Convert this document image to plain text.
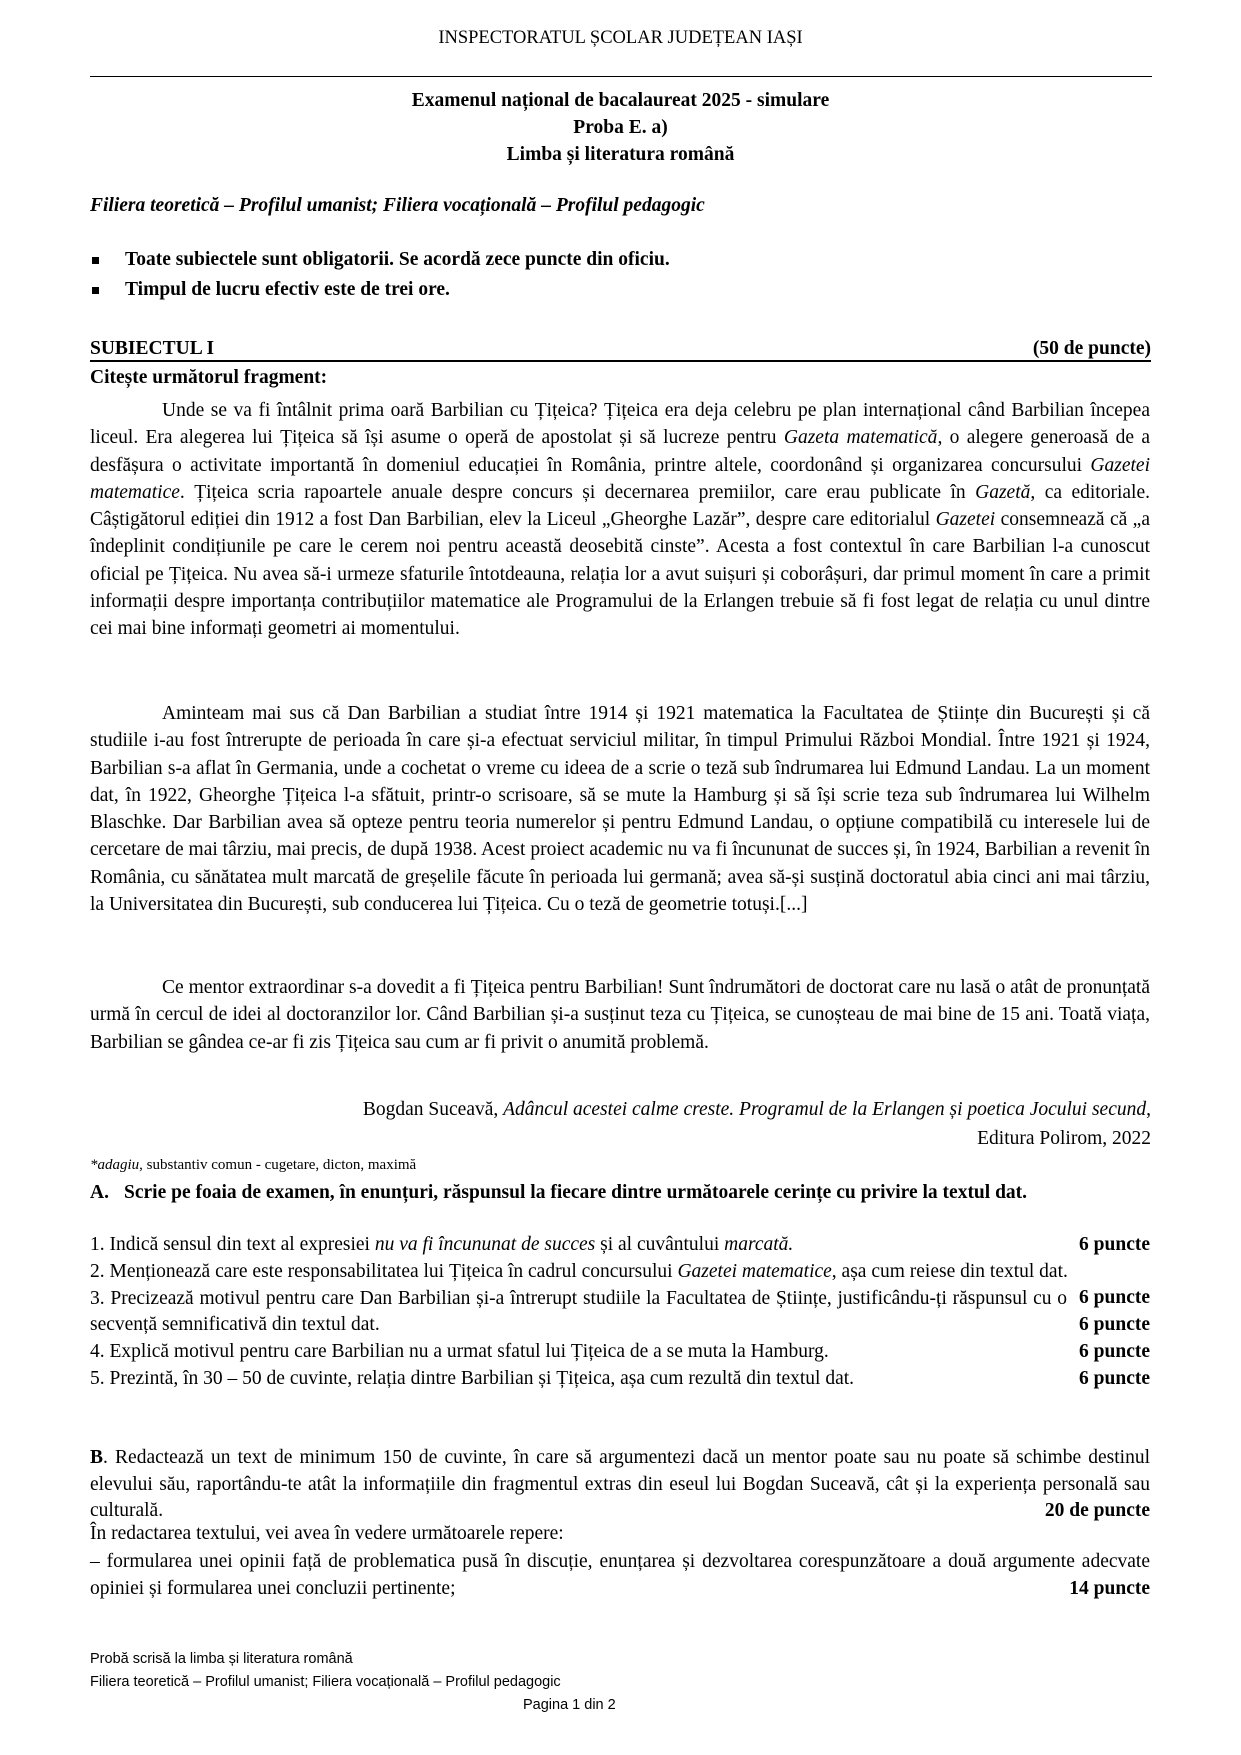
INSPECTORATUL ȘCOLAR JUDEȚEAN IAȘI
Examenul național de bacalaureat 2025 - simulare
Proba E. a)
Limba și literatura română
Filiera teoretică – Profilul umanist; Filiera vocațională – Profilul pedagogic
Toate subiectele sunt obligatorii. Se acordă zece puncte din oficiu.
Timpul de lucru efectiv este de trei ore.
SUBIECTUL I	(50 de puncte)
Citește următorul fragment:
Unde se va fi întâlnit prima oară Barbilian cu Țițeica? Țițeica era deja celebru pe plan internațional când Barbilian începea liceul. Era alegerea lui Țițeica să își asume o operă de apostolat și să lucreze pentru Gazeta matematică, o alegere generoasă de a desfășura o activitate importantă în domeniul educației în România, printre altele, coordonând și organizarea concursului Gazetei matematice. Țițeica scria rapoartele anuale despre concurs și decernarea premiilor, care erau publicate în Gazetă, ca editoriale. Câștigătorul ediției din 1912 a fost Dan Barbilian, elev la Liceul „Gheorghe Lazăr”, despre care editorialul Gazetei consemnează că „a îndeplinit condițiunile pe care le cerem noi pentru această deosebită cinste”. Acesta a fost contextul în care Barbilian l-a cunoscut oficial pe Țițeica. Nu avea să-i urmeze sfaturile întotdeauna, relația lor a avut suișuri și coborâșuri, dar primul moment în care a primit informații despre importanța contribuțiilor matematice ale Programului de la Erlangen trebuie să fi fost legat de relația cu unul dintre cei mai bine informați geometri ai momentului.
Aminteam mai sus că Dan Barbilian a studiat între 1914 și 1921 matematica la Facultatea de Științe din București și că studiile i-au fost întrerupte de perioada în care și-a efectuat serviciul militar, în timpul Primului Război Mondial. Între 1921 și 1924, Barbilian s-a aflat în Germania, unde a cochetat o vreme cu ideea de a scrie o teză sub îndrumarea lui Edmund Landau. La un moment dat, în 1922, Gheorghe Țițeica l-a sfătuit, printr-o scrisoare, să se mute la Hamburg și să își scrie teza sub îndrumarea lui Wilhelm Blaschke. Dar Barbilian avea să opteze pentru teoria numerelor și pentru Edmund Landau, o opțiune compatibilă cu interesele lui de cercetare de mai târziu, mai precis, de după 1938. Acest proiect academic nu va fi încununat de succes și, în 1924, Barbilian a revenit în România, cu sănătatea mult marcată de greșelile făcute în perioada lui germană; avea să-și susțină doctoratul abia cinci ani mai târziu, la Universitatea din București, sub conducerea lui Țițeica. Cu o teză de geometrie totuși.[...]
Ce mentor extraordinar s-a dovedit a fi Țițeica pentru Barbilian! Sunt îndrumători de doctorat care nu lasă o atât de pronunțată urmă în cercul de idei al doctoranzilor lor. Când Barbilian și-a susținut teza cu Țițeica, se cunoșteau de mai bine de 15 ani. Toată viața, Barbilian se gândea ce-ar fi zis Țițeica sau cum ar fi privit o anumită problemă.
Bogdan Suceavă, Adâncul acestei calme creste. Programul de la Erlangen și poetica Jocului secund,
Editura Polirom, 2022
*adagiu, substantiv comun - cugetare, dicton, maximă
A. Scrie pe foaia de examen, în enunțuri, răspunsul la fiecare dintre următoarele cerințe cu privire la textul dat.
1. Indică sensul din text al expresiei nu va fi încununat de succes și al cuvântului marcată.	6 puncte
2. Menționează care este responsabilitatea lui Țițeica în cadrul concursului Gazetei matematice, așa cum reiese din textul dat.
6 puncte
3. Precizează motivul pentru care Dan Barbilian și-a întrerupt studiile la Facultatea de Științe, justificându-ți răspunsul cu o secvență semnificativă din textul dat.	6 puncte
4. Explică motivul pentru care Barbilian nu a urmat sfatul lui Țițeica de a se muta la Hamburg.	6 puncte
5. Prezintă, în 30 – 50 de cuvinte, relația dintre Barbilian și Țițeica, așa cum rezultă din textul dat.	6 puncte
B. Redactează un text de minimum 150 de cuvinte, în care să argumentezi dacă un mentor poate sau nu poate să schimbe destinul elevului său, raportându-te atât la informațiile din fragmentul extras din eseul lui Bogdan Suceavă, cât și la experiența personală sau culturală.	20 de puncte
În redactarea textului, vei avea în vedere următoarele repere:
– formularea unei opinii față de problematica pusă în discuție, enunțarea și dezvoltarea corespunzătoare a două argumente adecvate opiniei și formularea unei concluzii pertinente;	14 puncte
Probă scrisă la limba și literatura română
Filiera teoretică – Profilul umanist; Filiera vocațională – Profilul pedagogic
Pagina 1 din 2
